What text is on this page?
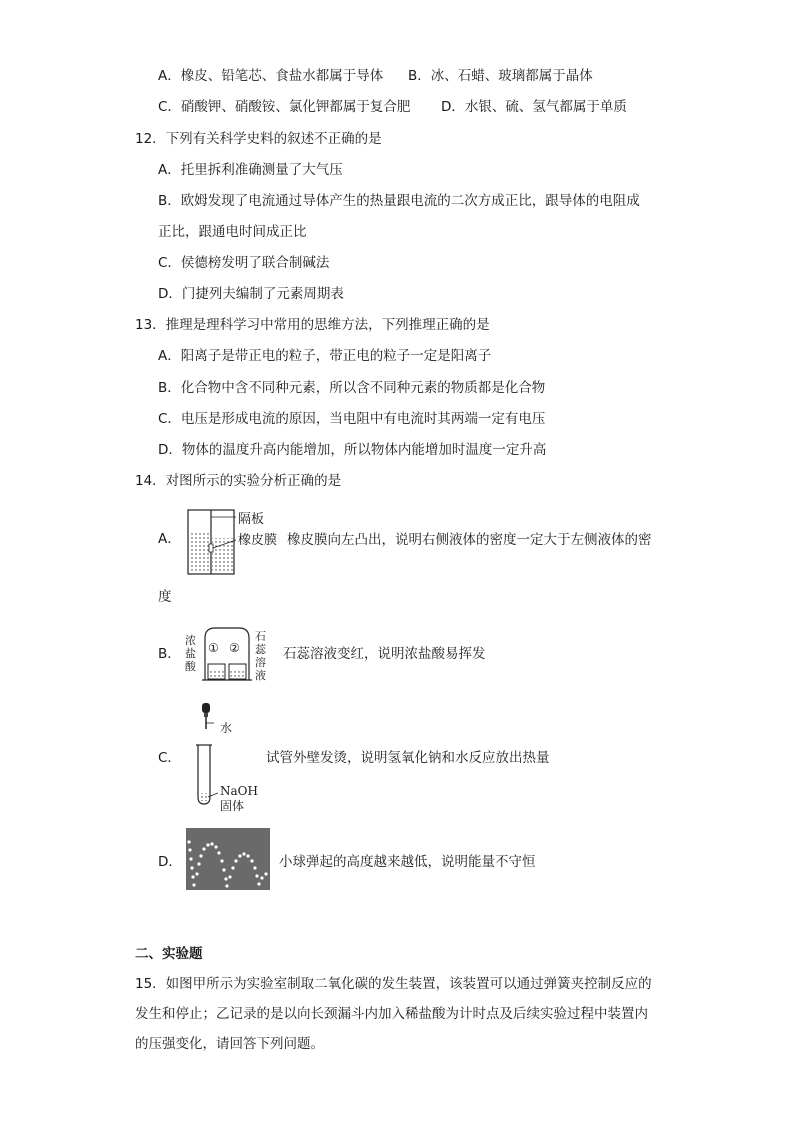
A．橡皮、铅笔芯、食盐水都属于导体 B．冰、石蜡、玻璃都属于晶体
C．硝酸钾、硝酸铵、氯化钾都属于复合肥 D．水银、硫、氢气都属于单质
12．下列有关科学史料的叙述不正确的是
A．托里拆利准确测量了大气压
B．欧姆发现了电流通过导体产生的热量跟电流的二次方成正比，跟导体的电阻成
正比，跟通电时间成正比
C．侯德榜发明了联合制碱法
D．门捷列夫编制了元素周期表
13．推理是理科学习中常用的思维方法，下列推理正确的是
A．阳离子是带正电的粒子，带正电的粒子一定是阳离子
B．化合物中含不同种元素，所以含不同种元素的物质都是化合物
C．电压是形成电流的原因，当电阻中有电流时其两端一定有电压
D．物体的温度升高内能增加，所以物体内能增加时温度一定升高
14．对图所示的实验分析正确的是
A．
隔板
橡皮膜 橡皮膜向左凸出，说明右侧液体的密度一定大于左侧液体的密
度
B．
浓
盐
酸
① ②
石
蕊
溶
液
石蕊溶液变红，说明浓盐酸易挥发
C．
水
NaOH
固体
试管外壁发烫，说明氢氧化钠和水反应放出热量
D．	小球弹起的高度越来越低，说明能量不守恒
二、实验题
15．如图甲所示为实验室制取二氧化碳的发生装置，该装置可以通过弹簧夹控制反应的
发生和停止；乙记录的是以向长颈漏斗内加入稀盐酸为计时点及后续实验过程中装置内
的压强变化，请回答下列问题。
